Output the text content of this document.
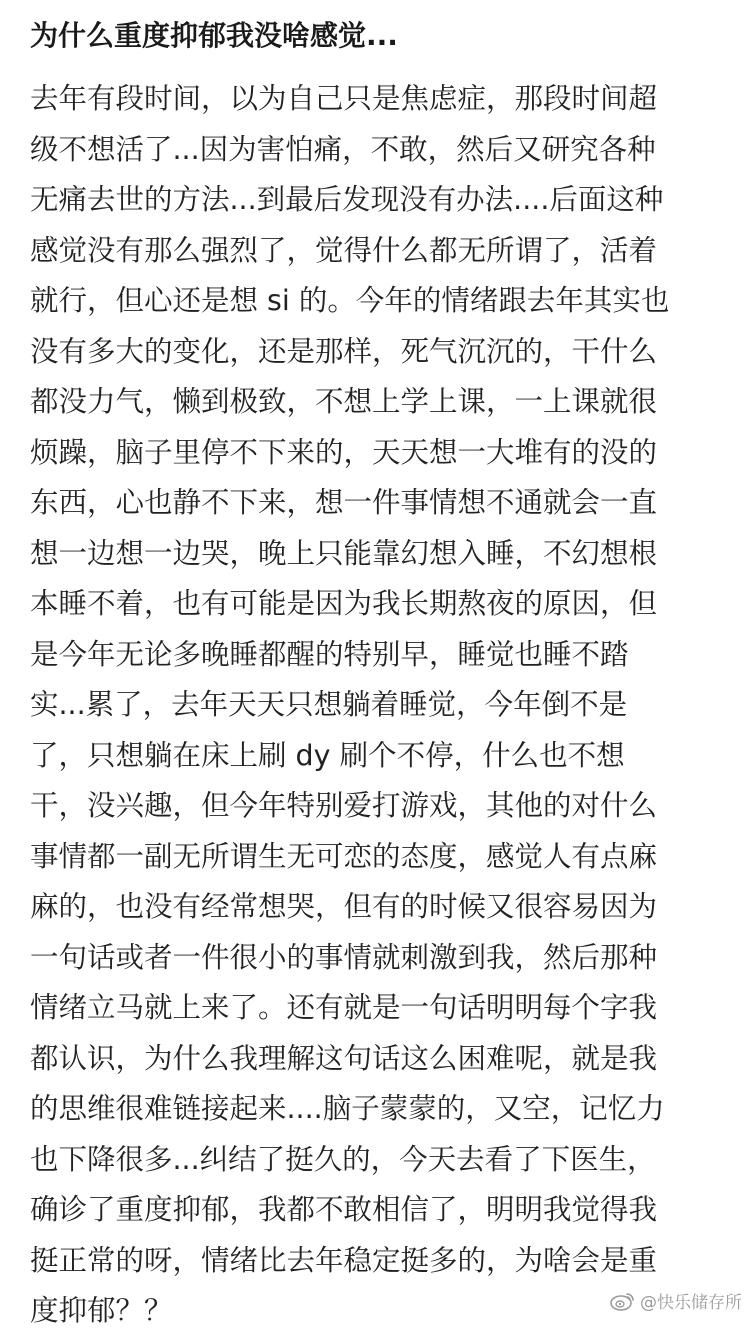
为什么重度抑郁我没啥感觉...
去年有段时间，以为自己只是焦虑症，那段时间超
级不想活了...因为害怕痛，不敢，然后又研究各种
无痛去世的方法...到最后发现没有办法....后面这种
感觉没有那么强烈了，觉得什么都无所谓了，活着
就行，但心还是想 si 的。今年的情绪跟去年其实也
没有多大的变化，还是那样，死气沉沉的，干什么
都没力气，懒到极致，不想上学上课，一上课就很
烦躁，脑子里停不下来的，天天想一大堆有的没的
东西，心也静不下来，想一件事情想不通就会一直
想一边想一边哭，晚上只能靠幻想入睡，不幻想根
本睡不着，也有可能是因为我长期熬夜的原因，但
是今年无论多晚睡都醒的特别早，睡觉也睡不踏
实...累了，去年天天只想躺着睡觉，今年倒不是
了，只想躺在床上刷 dy 刷个不停，什么也不想
干，没兴趣，但今年特别爱打游戏，其他的对什么
事情都一副无所谓生无可恋的态度，感觉人有点麻
麻的，也没有经常想哭，但有的时候又很容易因为
一句话或者一件很小的事情就刺激到我，然后那种
情绪立马就上来了。还有就是一句话明明每个字我
都认识，为什么我理解这句话这么困难呢，就是我
的思维很难链接起来....脑子蒙蒙的，又空，记忆力
也下降很多...纠结了挺久的，今天去看了下医生，
确诊了重度抑郁，我都不敢相信了，明明我觉得我
挺正常的呀，情绪比去年稳定挺多的，为啥会是重
度抑郁？？	@快乐储存所
